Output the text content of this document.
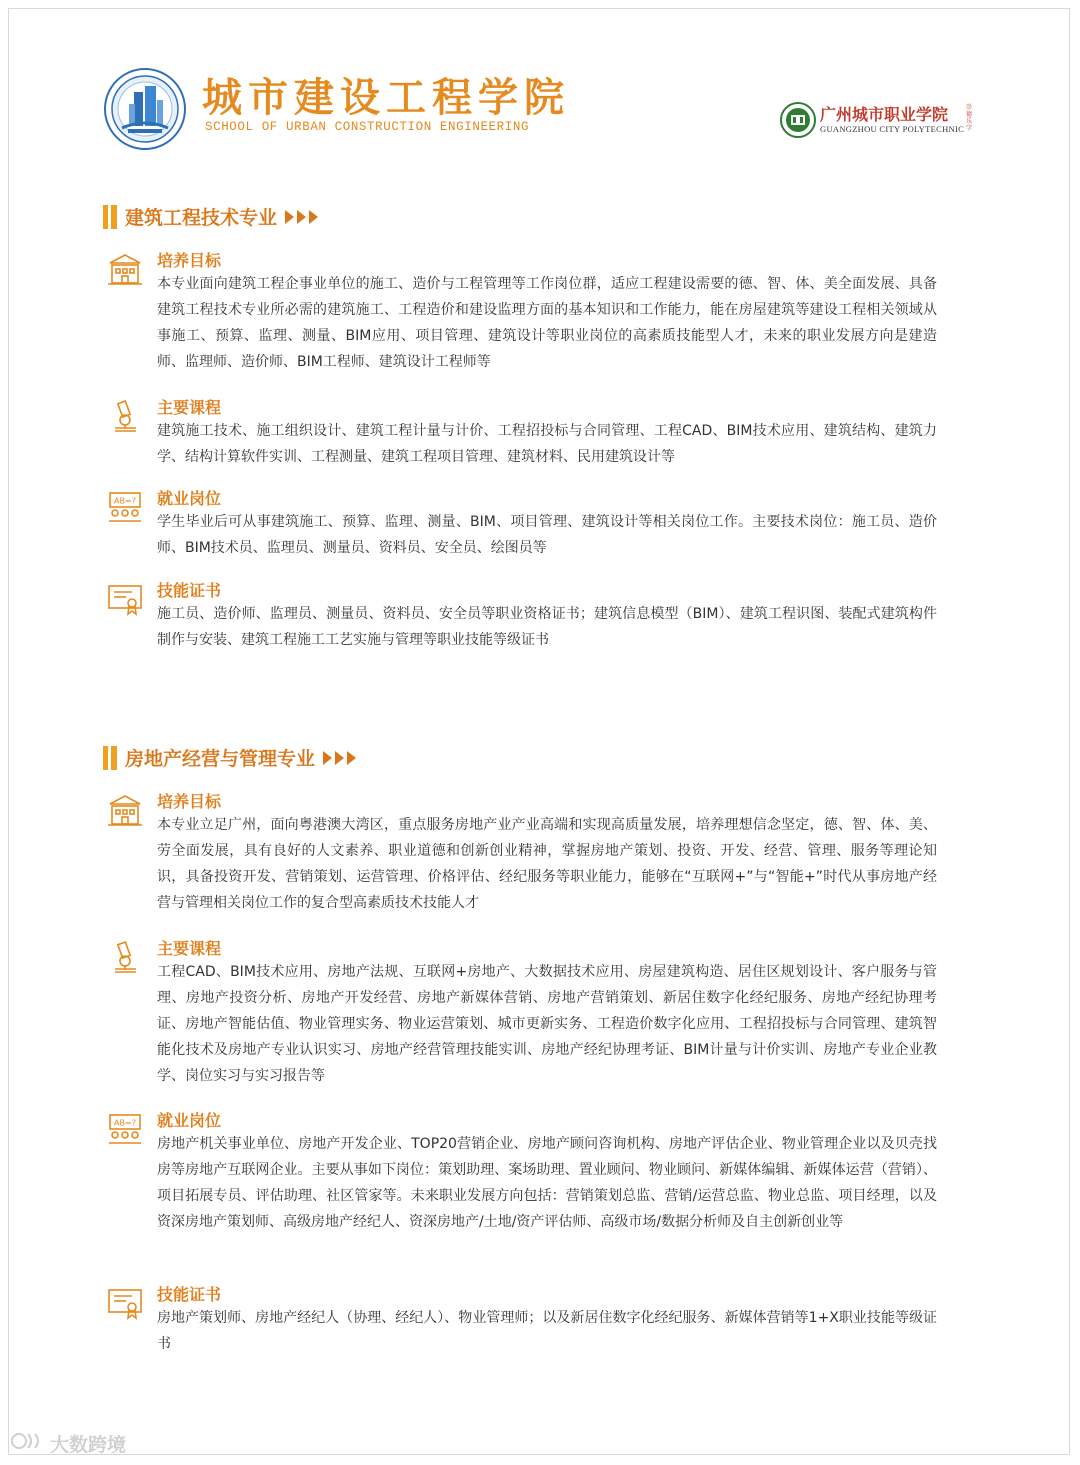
城市建设工程学院
SCHOOL OF URBAN CONSTRUCTION ENGINEERING
广州城市职业学院
GUANGZHOU CITY POLYTECHNIC
崇德乐学
建筑工程技术专业
培养目标
本专业面向建筑工程企事业单位的施工、造价与工程管理等工作岗位群，适应工程建设需要的德、智、体、美全面发展、具备建筑工程技术专业所必需的建筑施工、工程造价和建设监理方面的基本知识和工作能力，能在房屋建筑等建设工程相关领域从事施工、预算、监理、测量、BIM应用、项目管理、建筑设计等职业岗位的高素质技能型人才，未来的职业发展方向是建造师、监理师、造价师、BIM工程师、建筑设计工程师等
主要课程
建筑施工技术、施工组织设计、建筑工程计量与计价、工程招投标与合同管理、工程CAD、BIM技术应用、建筑结构、建筑力学、结构计算软件实训、工程测量、建筑工程项目管理、建筑材料、民用建筑设计等
AB=? 就业岗位
学生毕业后可从事建筑施工、预算、监理、测量、BIM、项目管理、建筑设计等相关岗位工作。主要技术岗位：施工员、造价师、BIM技术员、监理员、测量员、资料员、安全员、绘图员等
技能证书
施工员、造价师、监理员、测量员、资料员、安全员等职业资格证书；建筑信息模型（BIM）、建筑工程识图、装配式建筑构件制作与安装、建筑工程施工工艺实施与管理等职业技能等级证书
房地产经营与管理专业
培养目标
本专业立足广州，面向粤港澳大湾区，重点服务房地产业产业高端和实现高质量发展，培养理想信念坚定，德、智、体、美、劳全面发展，具有良好的人文素养、职业道德和创新创业精神，掌握房地产策划、投资、开发、经营、管理、服务等理论知识，具备投资开发、营销策划、运营管理、价格评估、经纪服务等职业能力，能够在“互联网+”与“智能+”时代从事房地产经营与管理相关岗位工作的复合型高素质技术技能人才
主要课程
工程CAD、BIM技术应用、房地产法规、互联网+房地产、大数据技术应用、房屋建筑构造、居住区规划设计、客户服务与管理、房地产投资分析、房地产开发经营、房地产新媒体营销、房地产营销策划、新居住数字化经纪服务、房地产经纪协理考证、房地产智能估值、物业管理实务、物业运营策划、城市更新实务、工程造价数字化应用、工程招投标与合同管理、建筑智能化技术及房地产专业认识实习、房地产经营管理技能实训、房地产经纪协理考证、BIM计量与计价实训、房地产专业企业教学、岗位实习与实习报告等
AB=? 就业岗位
房地产机关事业单位、房地产开发企业、TOP20营销企业、房地产顾问咨询机构、房地产评估企业、物业管理企业以及贝壳找房等房地产互联网企业。主要从事如下岗位：策划助理、案场助理、置业顾问、物业顾问、新媒体编辑、新媒体运营（营销）、项目拓展专员、评估助理、社区管家等。未来职业发展方向包括：营销策划总监、营销/运营总监、物业总监、项目经理，以及资深房地产策划师、高级房地产经纪人、资深房地产/土地/资产评估师、高级市场/数据分析师及自主创新创业等
技能证书
房地产策划师、房地产经纪人（协理、经纪人）、物业管理师；以及新居住数字化经纪服务、新媒体营销等1+X职业技能等级证书
大数跨境
